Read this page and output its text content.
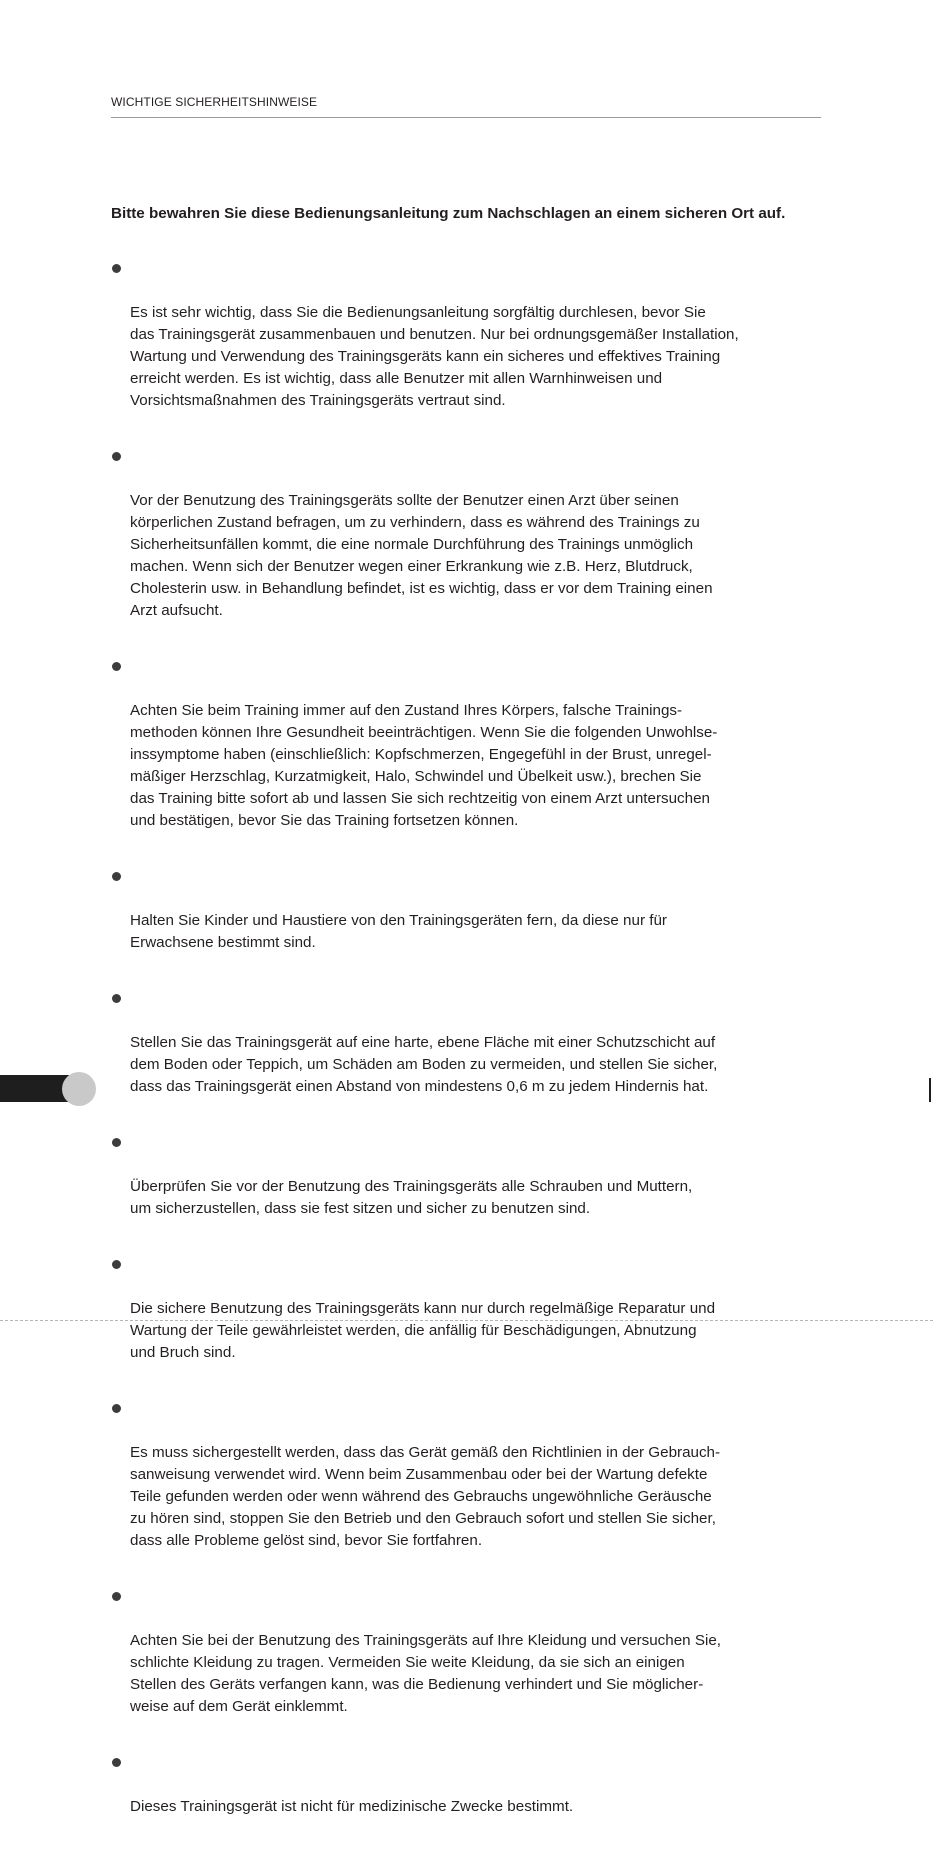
WICHTIGE SICHERHEITSHINWEISE
Bitte bewahren Sie diese Bedienungsanleitung zum Nachschlagen an einem sicheren Ort auf.

Es ist sehr wichtig, dass Sie die Bedienungsanleitung sorgfältig durchlesen, bevor Sie
das Trainingsgerät zusammenbauen und benutzen. Nur bei ordnungsgemäßer Installation,
Wartung und Verwendung des Trainingsgeräts kann ein sicheres und effektives Training
erreicht werden. Es ist wichtig, dass alle Benutzer mit allen Warnhinweisen und
Vorsichtsmaßnahmen des Trainingsgeräts vertraut sind.

Vor der Benutzung des Trainingsgeräts sollte der Benutzer einen Arzt über seinen
körperlichen Zustand befragen, um zu verhindern, dass es während des Trainings zu
Sicherheitsunfällen kommt, die eine normale Durchführung des Trainings unmöglich
machen. Wenn sich der Benutzer wegen einer Erkrankung wie z.B. Herz, Blutdruck,
Cholesterin usw. in Behandlung befindet, ist es wichtig, dass er vor dem Training einen
Arzt aufsucht.

Achten Sie beim Training immer auf den Zustand Ihres Körpers, falsche Trainings-
methoden können Ihre Gesundheit beeinträchtigen. Wenn Sie die folgenden Unwohlse-
inssymptome haben (einschließlich: Kopfschmerzen, Engegefühl in der Brust, unregel-
mäßiger Herzschlag, Kurzatmigkeit, Halo, Schwindel und Übelkeit usw.), brechen Sie
das Training bitte sofort ab und lassen Sie sich rechtzeitig von einem Arzt untersuchen
und bestätigen, bevor Sie das Training fortsetzen können.

Halten Sie Kinder und Haustiere von den Trainingsgeräten fern, da diese nur für
Erwachsene bestimmt sind.

Stellen Sie das Trainingsgerät auf eine harte, ebene Fläche mit einer Schutzschicht auf
dem Boden oder Teppich, um Schäden am Boden zu vermeiden, und stellen Sie sicher,
dass das Trainingsgerät einen Abstand von mindestens 0,6 m zu jedem Hindernis hat.

Überprüfen Sie vor der Benutzung des Trainingsgeräts alle Schrauben und Muttern,
um sicherzustellen, dass sie fest sitzen und sicher zu benutzen sind.

Die sichere Benutzung des Trainingsgeräts kann nur durch regelmäßige Reparatur und
Wartung der Teile gewährleistet werden, die anfällig für Beschädigungen, Abnutzung
und Bruch sind.

Es muss sichergestellt werden, dass das Gerät gemäß den Richtlinien in der Gebrauch-
sanweisung verwendet wird. Wenn beim Zusammenbau oder bei der Wartung defekte
Teile gefunden werden oder wenn während des Gebrauchs ungewöhnliche Geräusche
zu hören sind, stoppen Sie den Betrieb und den Gebrauch sofort und stellen Sie sicher,
dass alle Probleme gelöst sind, bevor Sie fortfahren.

Achten Sie bei der Benutzung des Trainingsgeräts auf Ihre Kleidung und versuchen Sie,
schlichte Kleidung zu tragen. Vermeiden Sie weite Kleidung, da sie sich an einigen
Stellen des Geräts verfangen kann, was die Bedienung verhindert und Sie möglicher-
weise auf dem Gerät einklemmt.

Dieses Trainingsgerät ist nicht für medizinische Zwecke bestimmt.
